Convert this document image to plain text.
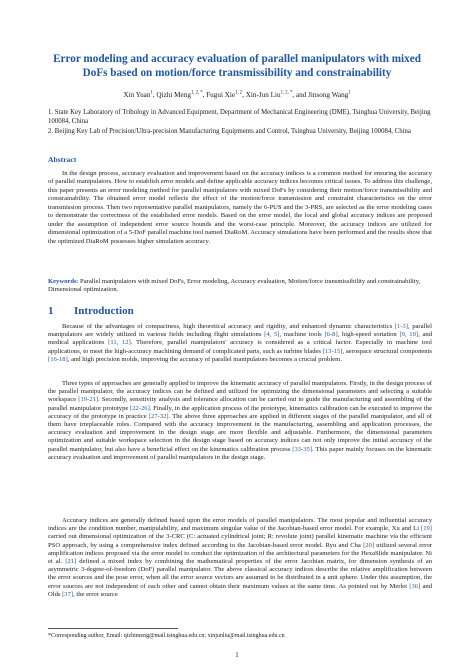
Error modeling and accuracy evaluation of parallel manipulators with mixed DoFs based on motion/force transmissibility and constrainability
Xin Yuan$^1$, Qizhi Meng$^{1, 2, *}$, Fugui Xie$^{1, 2}$, Xin-Jun Liu$^{1, 2, *}$, and Jinsong Wang$^1$
1. State Key Laboratory of Tribology in Advanced Equipment, Department of Mechanical Engineering (DME), Tsinghua University, Beijing 100084, China
2. Beijing Key Lab of Precision/Ultra-precision Manufacturing Equipments and Control, Tsinghua University, Beijing 100084, China
Abstract
In the design process, accuracy evaluation and improvement based on the accuracy indices is a common method for ensuring the accuracy of parallel manipulators. How to establish error models and define applicable accuracy indices becomes critical issues. To address this challenge, this paper presents an error modeling method for parallel manipulators with mixed DoFs by considering their motion/force transmissibility and constrainability. The obtained error model reflects the effect of the motion/force transmission and constraint characteristics on the error transmission process. Then two representative parallel manipulators, namely the 6-PUS and the 3-PRS, are selected as the error modeling cases to demonstrate the correctness of the established error models. Based on the error model, the local and global accuracy indices are proposed under the assumption of independent error source bounds and the worst-case principle. Moreover, the accuracy indices are utilized for dimensional optimization of a 5-DoF parallel machine tool named DiaRoM. Accuracy simulations have been performed and the results show that the optimized DiaRoM possesses higher simulation accuracy.
Keywords: Parallel manipulators with mixed DoFs, Error modeling, Accuracy evaluation, Motion/force transmissibility and constrainability, Dimensional optimization.
1 Introduction
Because of the advantages of compactness, high theoretical accuracy and rigidity, and enhanced dynamic characteristics [1-3], parallel manipulators are widely utilized in various fields including flight simulations [4, 5], machine tools [6-8], high-speed sortation [9, 10], and medical applications [11, 12]. Therefore, parallel manipulators' accuracy is considered as a critical factor. Especially in machine tool applications, to meet the high-accuracy machining demand of complicated parts, such as turbine blades [13-15], aerospace structural components [16-18], and high precision molds, improving the accuracy of parallel manipulators becomes a crucial problem.
Three types of approaches are generally applied to improve the kinematic accuracy of parallel manipulators. Firstly, in the design process of the parallel manipulator, the accuracy indices can be defined and utilized for optimizing the dimensional parameters and selecting a suitable workspace [19-21]. Secondly, sensitivity analysis and tolerance allocation can be carried out to guide the manufacturing and assembling of the parallel manipulator prototype [22-26]. Finally, in the application process of the prototype, kinematics calibration can be executed to improve the accuracy of the prototype in practice [27-32]. The above three approaches are applied in different stages of the parallel manipulator, and all of them have irreplaceable roles. Compared with the accuracy improvement in the manufacturing, assembling and application processes, the accuracy evaluation and improvement in the design stage are more flexible and adjustable. Furthermore, the dimensional parameters optimization and suitable workspace selection in the design stage based on accuracy indices can not only improve the initial accuracy of the parallel manipulator, but also have a beneficial effect on the kinematics calibration process [33-35]. This paper mainly focuses on the kinematic accuracy evaluation and improvement of parallel manipulators in the design stage.
Accuracy indices are generally defined based upon the error models of parallel manipulators. The most popular and influential accuracy indices are the condition number, manipulability, and maximum singular value of the Jacobian-based error model. For example, Xu and Li [19] carried out dimensional optimization of the 3-CRC (C: actuated cylindrical joint; R: revolute joint) parallel kinematic machine via the efficient PSO approach, by using a comprehensive index defined according to the Jacobian-based error model. Ryu and Cha [20] utilized several error amplification indices proposed via the error model to conduct the optimization of the architectural parameters for the HexaSlide manipulator. Ni et al. [21] defined a mixed index by combining the mathematical properties of the error Jacobian matrix, for dimension synthesis of an asymmetric 3-degree-of-freedom (DoF) parallel manipulator. The above classical accuracy indices describe the relative amplification between the error sources and the pose error, when all the error source vectors are assumed to be distributed in a unit sphere. Under this assumption, the error sources are not independent of each other and cannot obtain their maximum values at the same time. As pointed out by Merlet [36] and Olds [37], the error source
*Corresponding author, Email: qizhimeng@mail.tsinghua.edu.cn; xinjunliu@mail.tsinghua.edu.cn
1
